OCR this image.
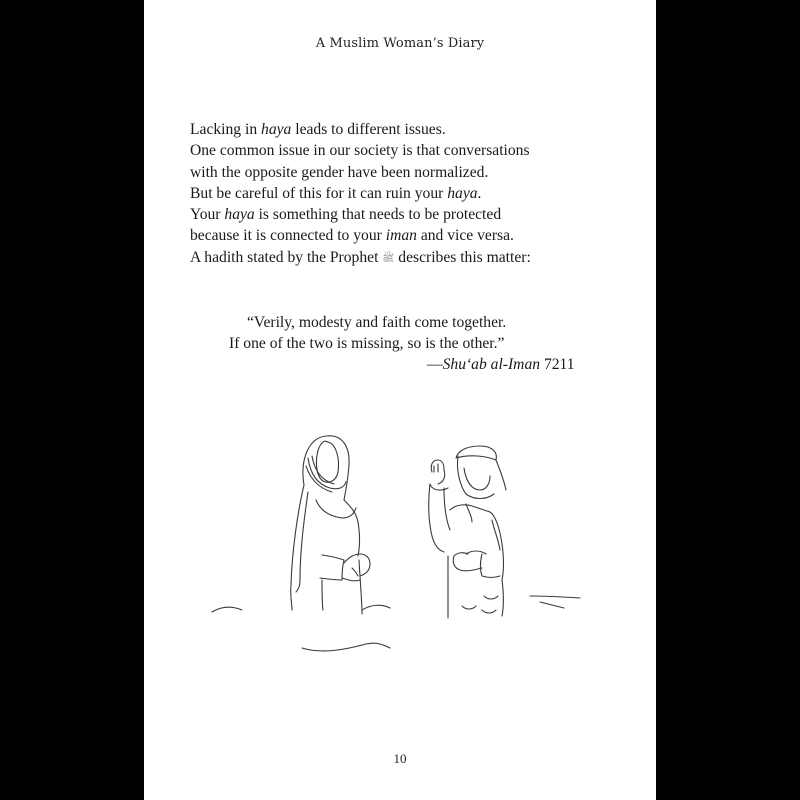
A Muslim Woman’s Diary
Lacking in haya leads to different issues.
One common issue in our society is that conversations
with the opposite gender have been normalized.
But be careful of this for it can ruin your haya.
Your haya is something that needs to be protected
because it is connected to your iman and vice versa.
A hadith stated by the Prophet ﷺ describes this matter:
“Verily, modesty and faith come together.
If one of the two is missing, so is the other.”
—Shu‘ab al-Iman 7211
10
